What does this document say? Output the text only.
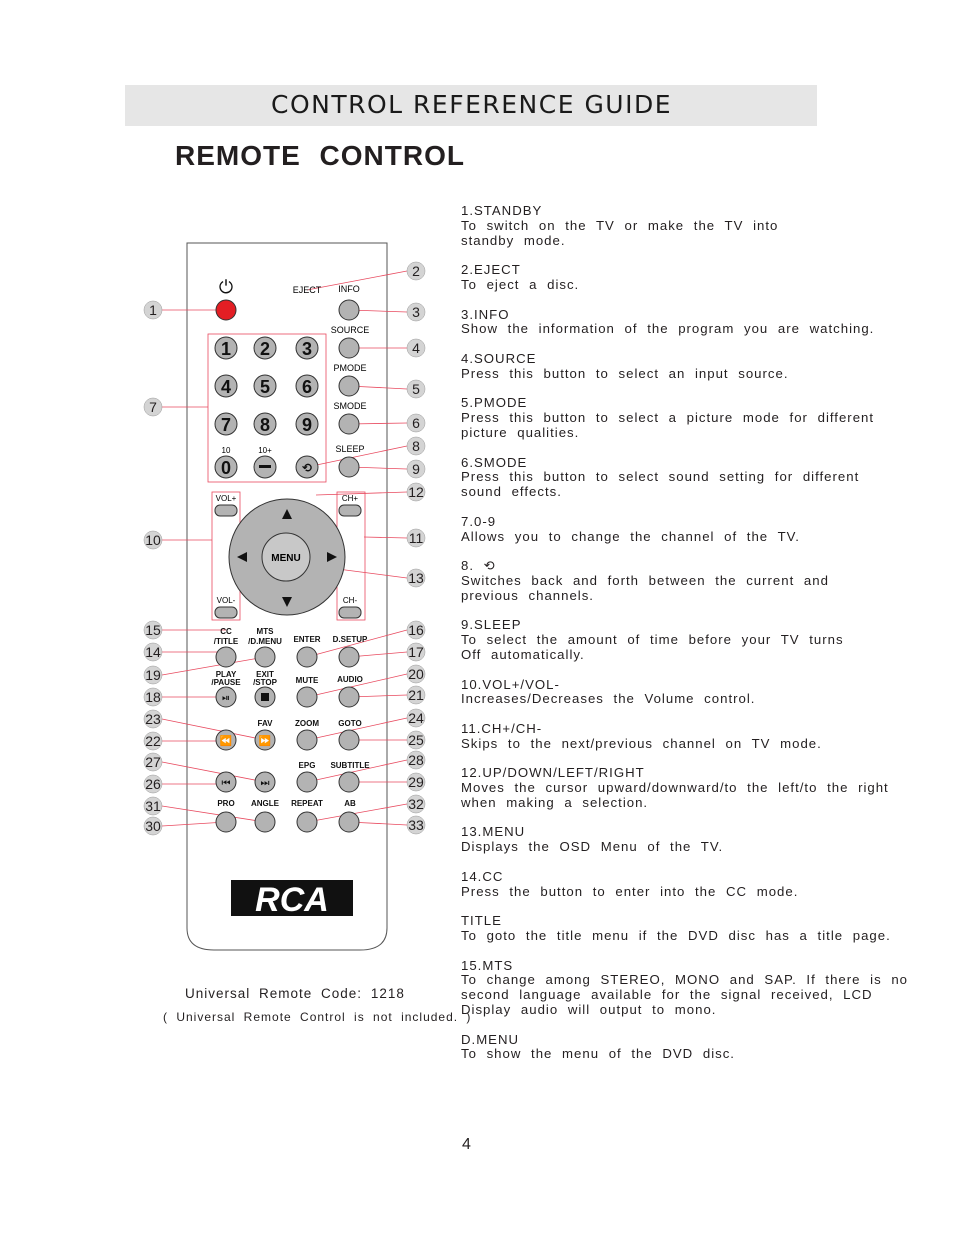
CONTROL REFERENCE GUIDE
REMOTE CONTROL
⏻	EJECT INFO
SOURCE
PMODE
SMODE
SLEEP
1 2 3
4 5 6
7 8 9
0	⟲
10	10+
VOL+
VOL-
CH+
CH-
MENU
CC
/TITLE
MTS
/D.MENU ENTER D.SETUP
PLAY
/PAUSE
EXIT
/STOP MUTE AUDIO
FAV	ZOOM GOTO
EPG SUBTITLE
PRO ANGLE REPEAT	AB
⏯
⏪	⏩
⏮	⏭
RCA
1
7
10
15
14
19
18
23
22
27
26
31
30
2
3
4
5
6
8
9
12
11
13
16
17
20
21
24
25
28
29
32
33

1.STANDBY

To switch on the TV or make the TV into

standby mode.

2.EJECT

To eject a disc.

3.INFO

Show the information of the program you are watching.

4.SOURCE

Press this button to select an input source.

5.PMODE

Press this button to select a picture mode for different

picture qualities.

6.SMODE

Press this button to select sound setting for different

sound effects.

7.0-9

Allows you to change the channel of the TV.

8.

⟲

Switches back and forth between the current and

previous channels.

9.SLEEP

To select the amount of time before your TV turns

Off automatically.

10.VOL+/VOL-

Increases/Decreases the Volume control.

11.CH+/CH-

Skips to the next/previous channel on TV mode.

12.UP/DOWN/LEFT/RIGHT

Moves the cursor upward/downward/to the left/to the right

when making a selection.

13.MENU

Displays the OSD Menu of the TV.

14.CC

Press the button to enter into the CC mode.

TITLE

To goto the title menu if the DVD disc has a title page.

15.MTS

To change among STEREO, MONO and SAP. If there is no

second language available for the signal received, LCD

Display audio will output to mono.

D.MENU

To show the menu of the DVD disc.

Universal Remote Code: 1218
( Universal Remote Control is not included. )
4
